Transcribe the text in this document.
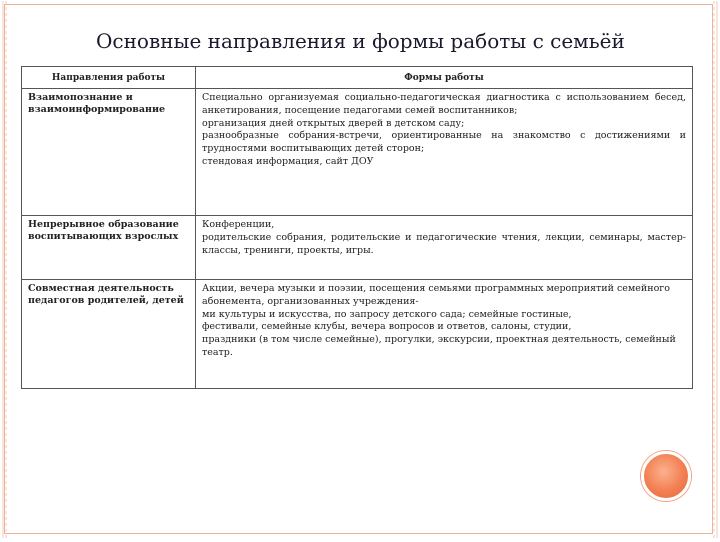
Основные направления и формы работы с семьёй
Направления работы	Формы работы
Взаимопознание и взаимоинформирование	Специально организуемая социально-педагогическая диагностика с использованием бесед, анкетирования, посещение педагогами семей воспитанников;
организация дней открытых дверей в детском саду;
разнообразные собрания-встречи, ориентированные на знакомство с достижениями и трудностями воспитывающих детей сторон;
стендовая информация, сайт ДОУ

Непрерывное образование воспитывающих взрослых	Конференции,
родительские собрания, родительские и педагогические чтения, лекции, семинары, мастер-классы, тренинги, проекты, игры.

Совместная деятельность педагогов родителей, детей	Акции, вечера музыки и поэзии, посещения семьями программных мероприятий семейного абонемента, организованных учреждения-
ми культуры и искусства, по запросу детского сада; семейные гостиные,
фестивали, семейные клубы, вечера вопросов и ответов, салоны, студии,
праздники (в том числе семейные), прогулки, экскурсии, проектная деятельность, семейный театр.
